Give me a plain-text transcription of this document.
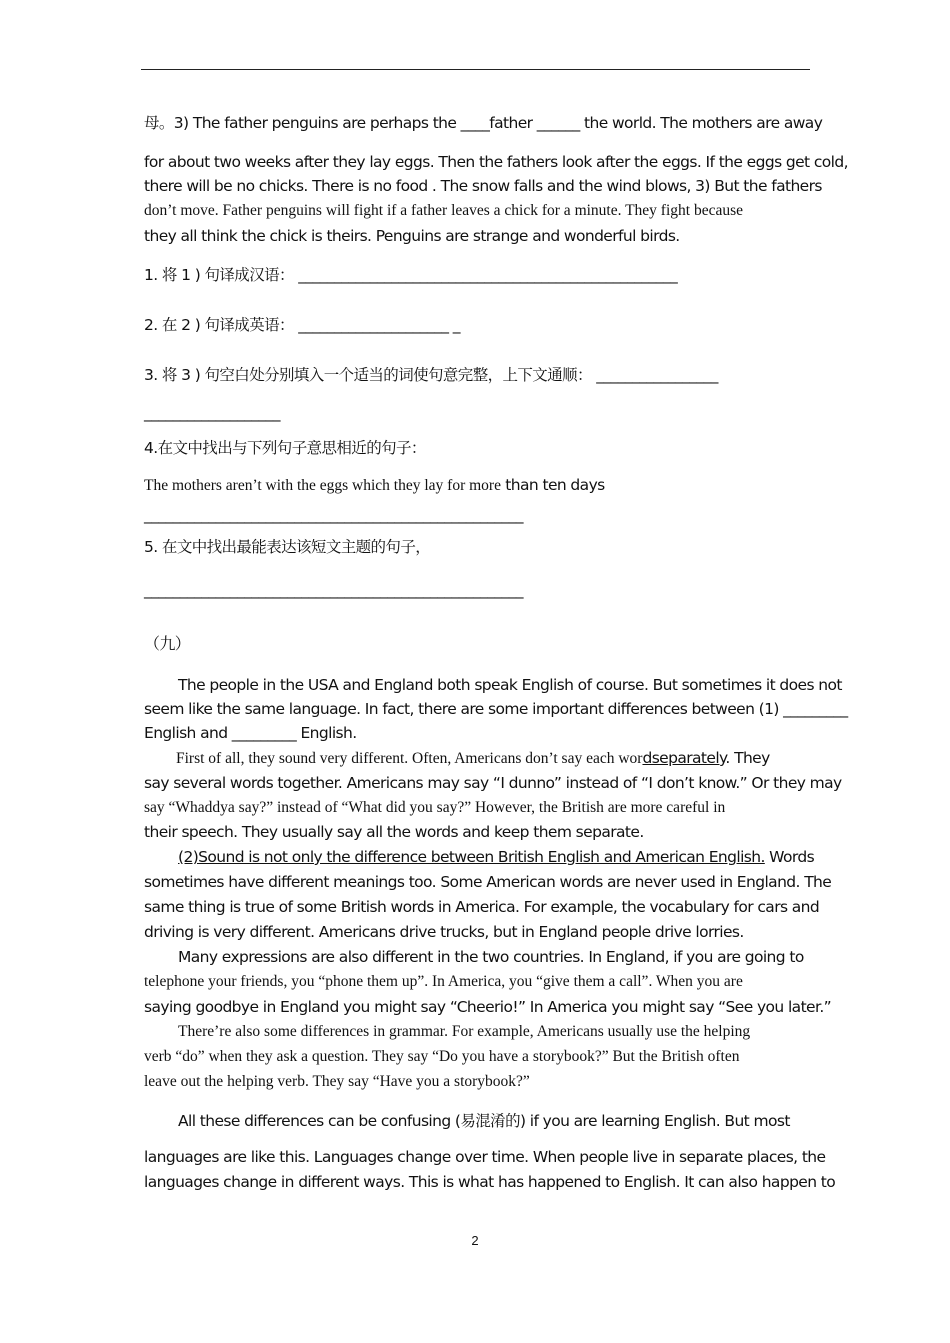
母。3) The father penguins are perhaps the ____father ______ the world. The mothers are away
for about two weeks after they lay eggs. Then the fathers look after the eggs. If the eggs get cold,
there will be no chicks. There is no food . The snow falls and the wind blows, 3) But the fathers
don’t move. Father penguins will fight if a father leaves a chick for a minute. They fight because
they all think the chick is theirs. Penguins are strange and wonderful birds.
1. 将 1 ) 句译成汉语： _____________________________________________________
2. 在 2 ) 句译成英语： _____________________ _
3. 将 3 ) 句空白处分别填入一个适当的词使句意完整，上下文通顺： _________________
___________________
4.在文中找出与下列句子意思相近的句子：
The mothers aren’t with the eggs which they lay for more than ten days
_____________________________________________________
5. 在文中找出最能表达该短文主题的句子，
_____________________________________________________
（九）
The people in the USA and England both speak English of course. But sometimes it does not
seem like the same language. In fact, there are some important differences between (1) _________
English and _________ English.
First of all, they sound very different. Often, Americans don’t say each wordseparately. They
say several words together. Americans may say “I dunno” instead of “I don’t know.” Or they may
say “Whaddya say?” instead of “What did you say?” However, the British are more careful in
their speech. They usually say all the words and keep them separate.
(2)Sound is not only the difference between British English and American English. Words
sometimes have different meanings too. Some American words are never used in England. The
same thing is true of some British words in America. For example, the vocabulary for cars and
driving is very different. Americans drive trucks, but in England people drive lorries.
Many expressions are also different in the two countries. In England, if you are going to
telephone your friends, you “phone them up”. In America, you “give them a call”. When you are
saying goodbye in England you might say “Cheerio!” In America you might say “See you later.”
There’re also some differences in grammar. For example, Americans usually use the helping
verb “do” when they ask a question. They say “Do you have a storybook?” But the British often
leave out the helping verb. They say “Have you a storybook?”
All these differences can be confusing (易混淆的) if you are learning English. But most
languages are like this. Languages change over time. When people live in separate places, the
languages change in different ways. This is what has happened to English. It can also happen to
2
